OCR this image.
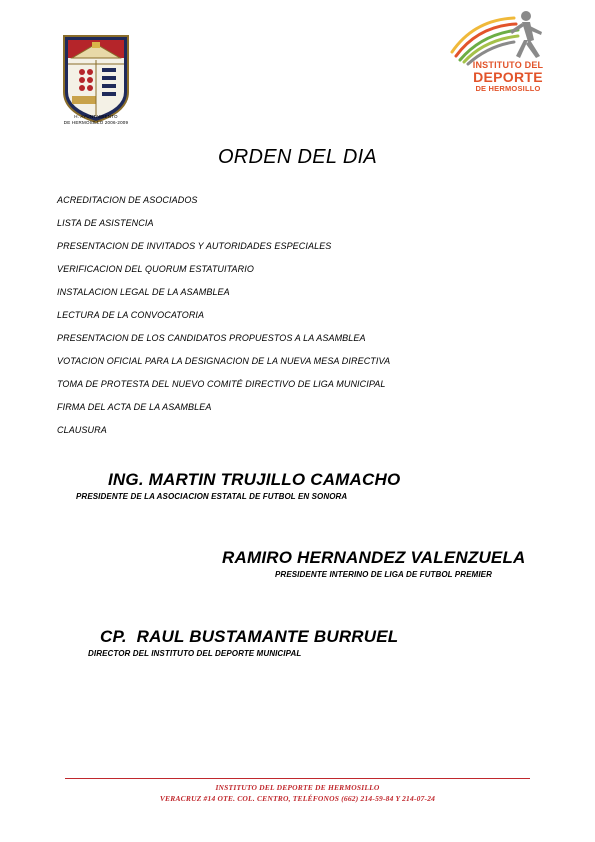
H. AYUNTAMIENTO
DE HERMOSILLO 2006-2009
INSTITUTO DEL
DEPORTE
DE HERMOSILLO
ORDEN DEL DIA
ACREDITACION DE ASOCIADOS
LISTA DE ASISTENCIA
PRESENTACION DE INVITADOS Y AUTORIDADES ESPECIALES
VERIFICACION DEL QUORUM ESTATUITARIO
INSTALACION LEGAL DE LA ASAMBLEA
LECTURA DE LA CONVOCATORIA
PRESENTACION DE LOS CANDIDATOS PROPUESTOS A LA ASAMBLEA
VOTACION OFICIAL PARA LA DESIGNACION DE LA NUEVA MESA DIRECTIVA
TOMA DE PROTESTA DEL NUEVO COMITÉ DIRECTIVO DE LIGA MUNICIPAL
FIRMA DEL ACTA DE LA ASAMBLEA
CLAUSURA
ING. MARTIN TRUJILLO CAMACHO
PRESIDENTE DE LA ASOCIACION ESTATAL DE FUTBOL EN SONORA
RAMIRO HERNANDEZ VALENZUELA
PRESIDENTE INTERINO DE LIGA DE FUTBOL PREMIER
CP.  RAUL BUSTAMANTE BURRUEL
DIRECTOR DEL INSTITUTO DEL DEPORTE MUNICIPAL
INSTITUTO DEL DEPORTE DE HERMOSILLO
VERACRUZ #14 OTE. COL. CENTRO, TELÉFONOS (662) 214-59-84 Y 214-07-24
